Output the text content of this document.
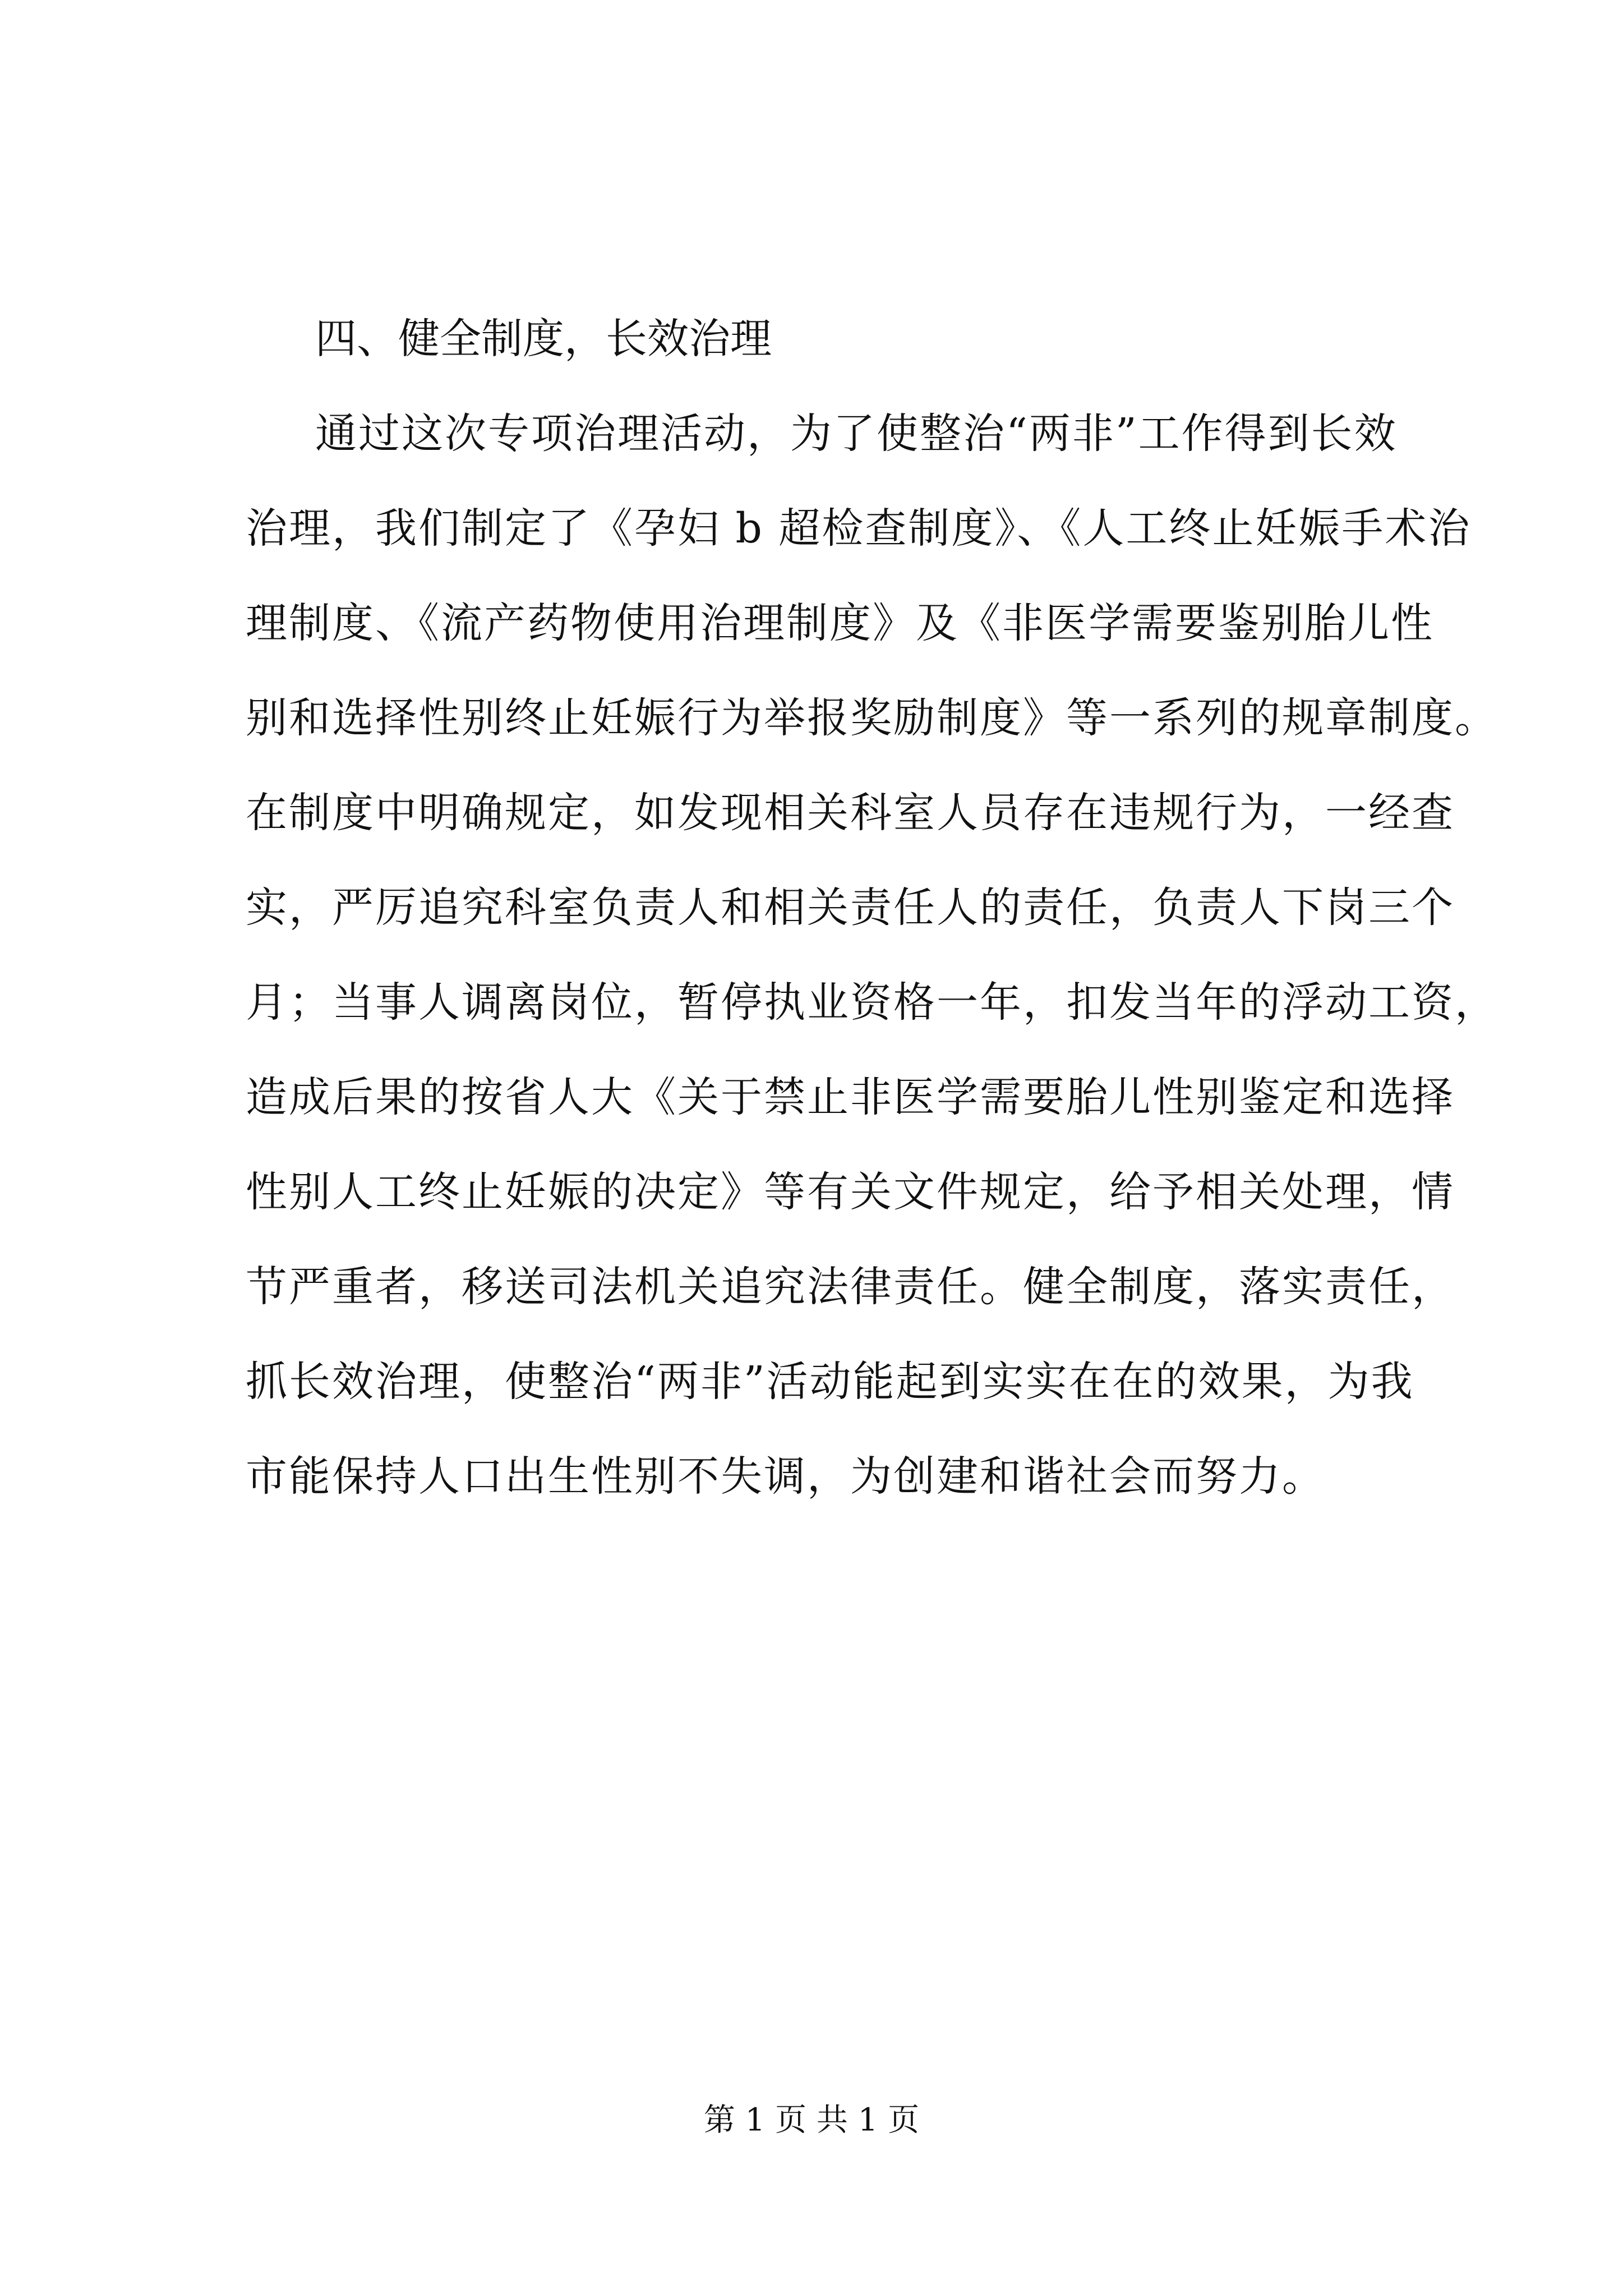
四、健全制度，长效治理

通过这次专项治理活动，为了使整治“两非”工作得到长效

治理，我们制定了《孕妇 b 超检查制度》、《人工终止妊娠手术治

理制度、《流产药物使用治理制度》及《非医学需要鉴别胎儿性

别和选择性别终止妊娠行为举报奖励制度》等一系列的规章制度。

在制度中明确规定，如发现相关科室人员存在违规行为，一经查

实，严厉追究科室负责人和相关责任人的责任，负责人下岗三个

月；当事人调离岗位，暂停执业资格一年，扣发当年的浮动工资，

造成后果的按省人大《关于禁止非医学需要胎儿性别鉴定和选择

性别人工终止妊娠的决定》等有关文件规定，给予相关处理，情

节严重者，移送司法机关追究法律责任。健全制度，落实责任，

抓长效治理，使整治“两非”活动能起到实实在在的效果，为我

市能保持人口出生性别不失调，为创建和谐社会而努力。

第 1 页 共 1 页
